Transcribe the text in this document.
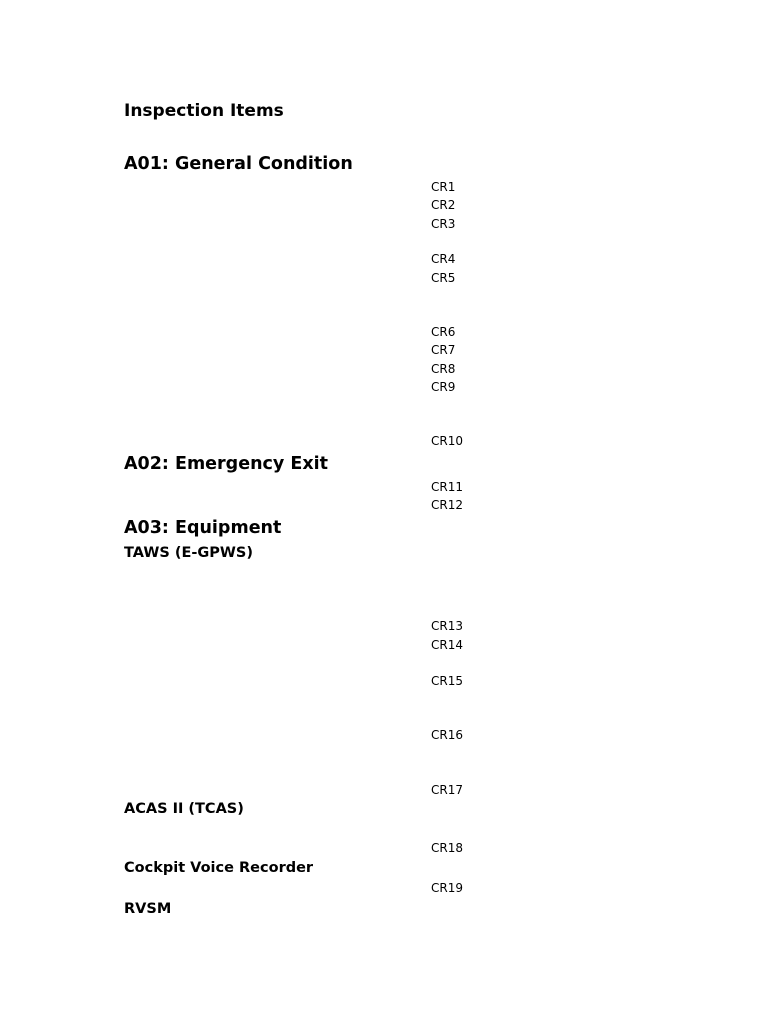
Inspection Items
A01: General Condition
A02: Emergency Exit
A03: Equipment
TAWS (E-GPWS)
ACAS II (TCAS)
Cockpit Voice Recorder
RVSM
CR1
CR2
CR3
CR4
CR5
CR6
CR7
CR8
CR9
CR10
CR11
CR12
CR13
CR14
CR15
CR16
CR17
CR18
CR19
